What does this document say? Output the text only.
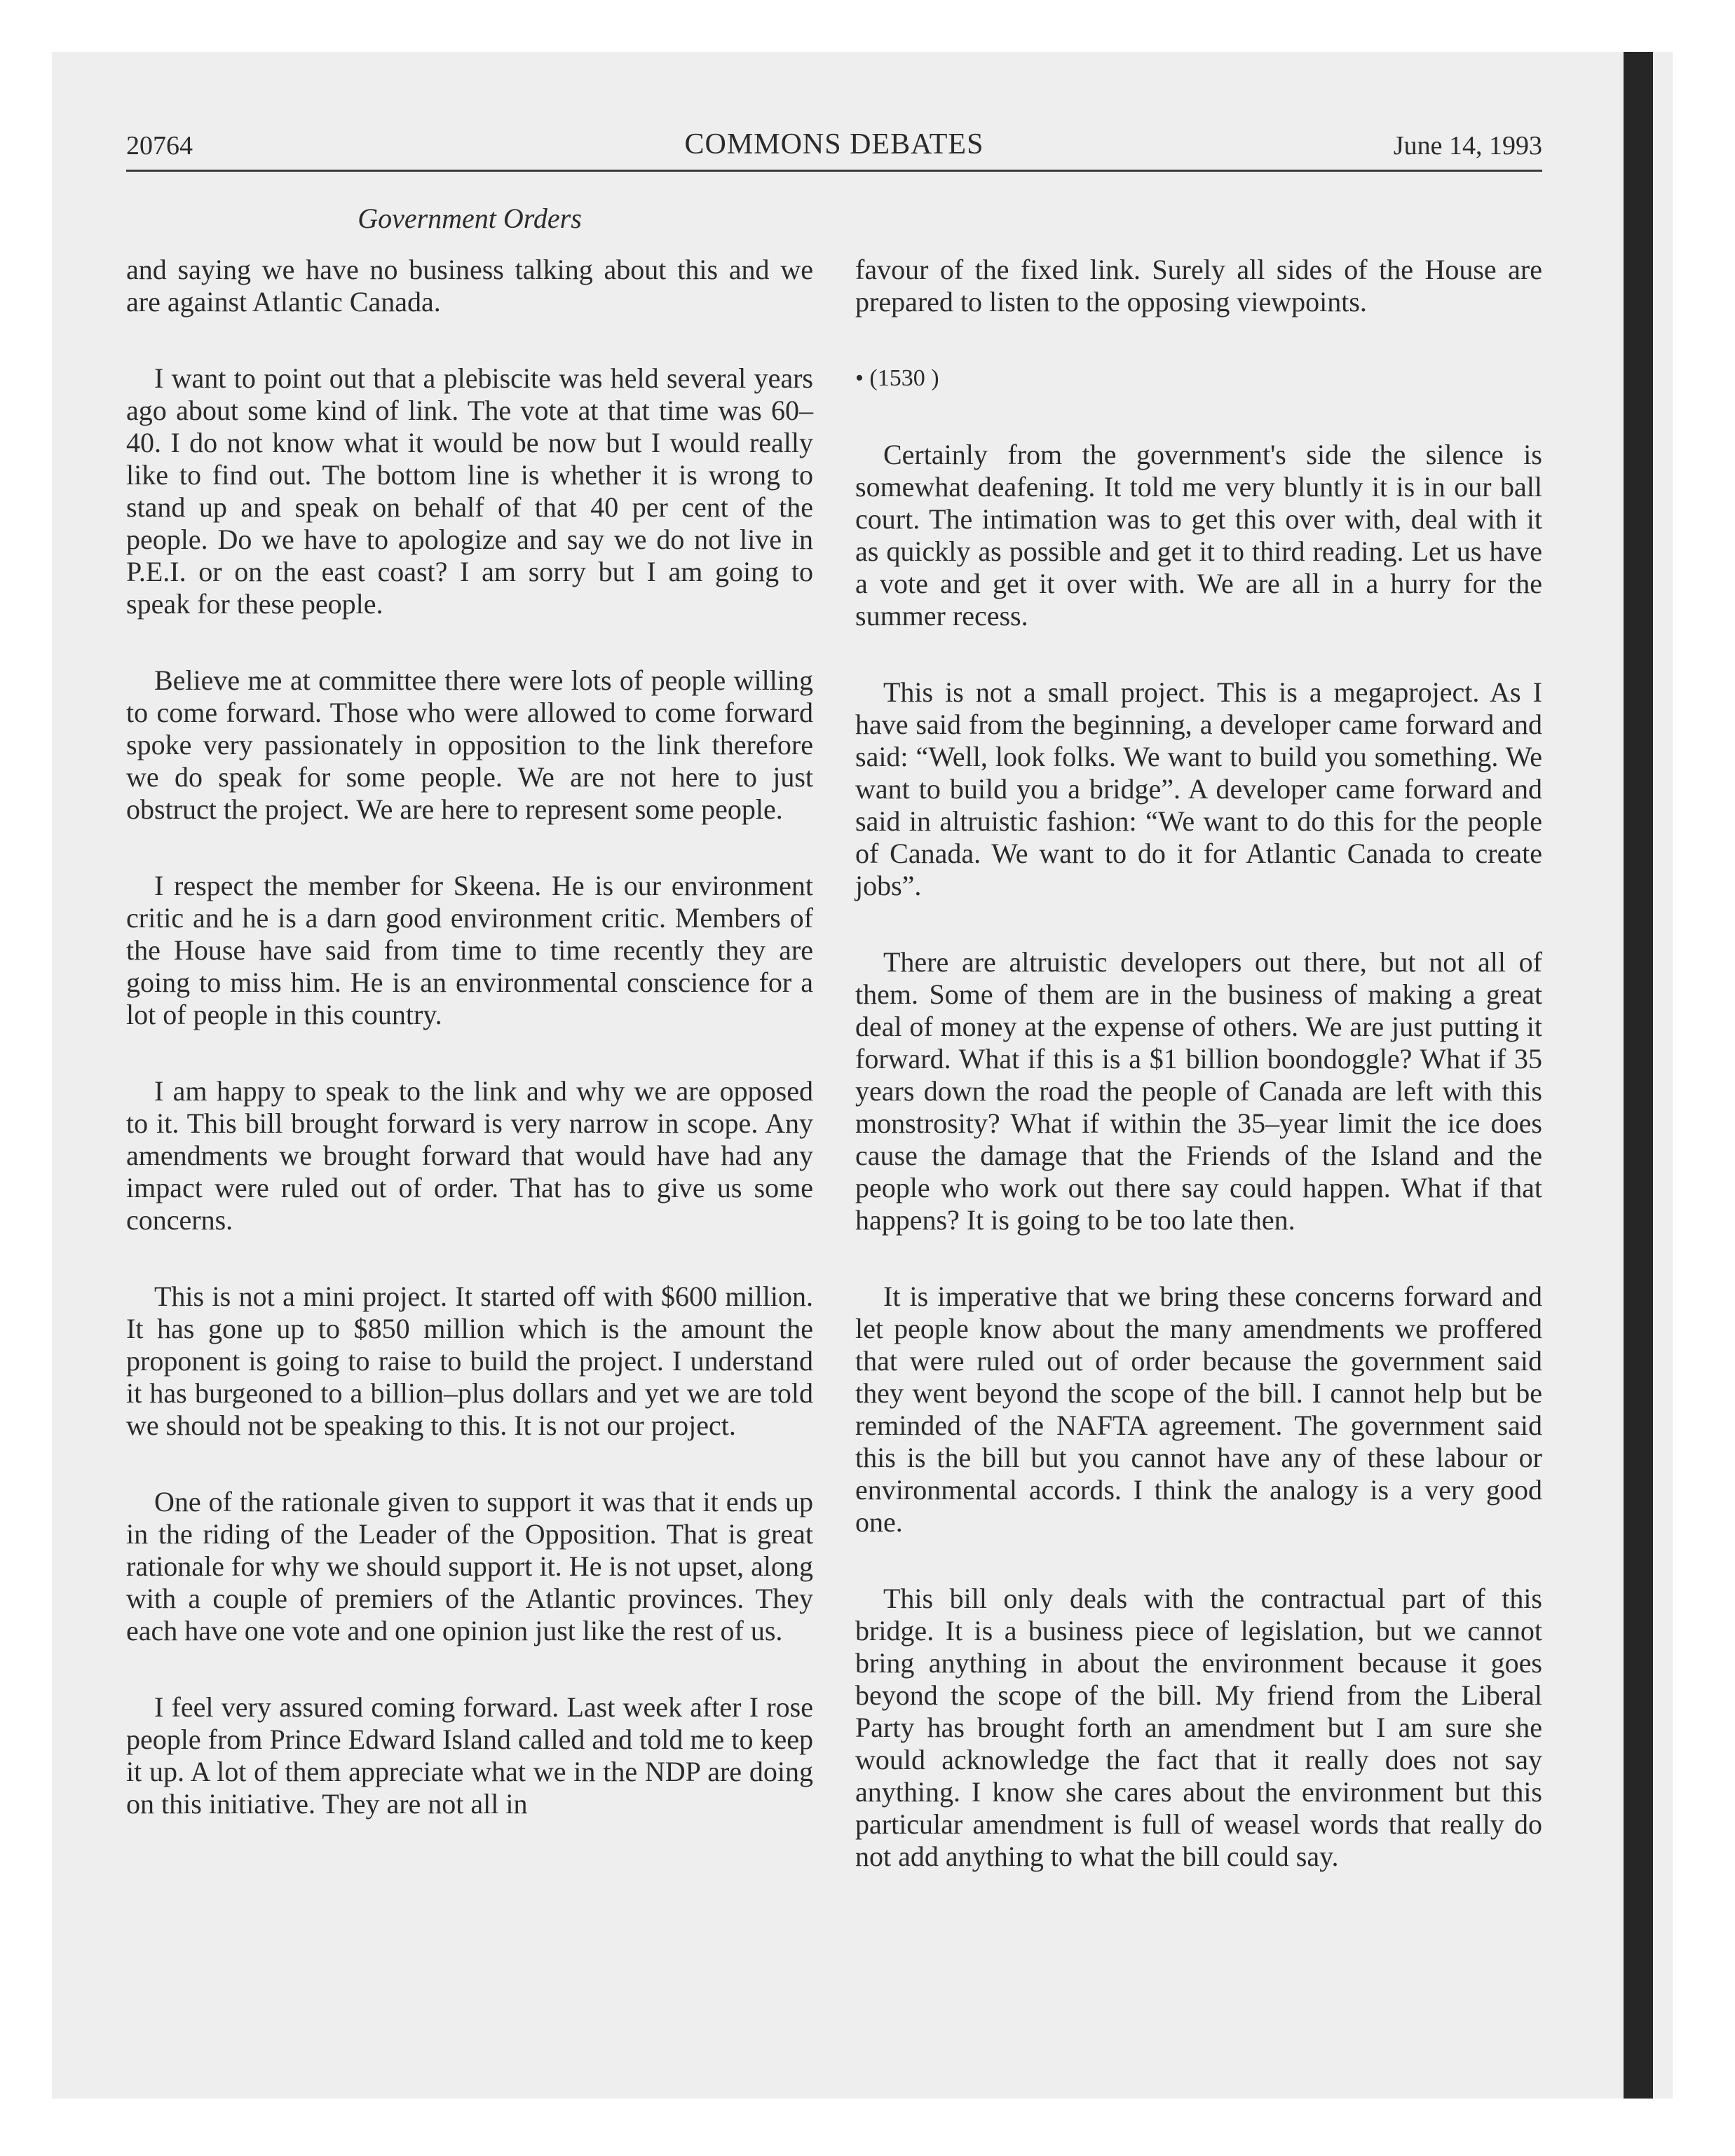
20764	COMMONS DEBATES	June 14, 1993
Government Orders

and saying we have no business talking about this and we are against Atlantic Canada.

I want to point out that a plebiscite was held several years ago about some kind of link. The vote at that time was 60–40. I do not know what it would be now but I would really like to find out. The bottom line is whether it is wrong to stand up and speak on behalf of that 40 per cent of the people. Do we have to apologize and say we do not live in P.E.I. or on the east coast? I am sorry but I am going to speak for these people.

Believe me at committee there were lots of people willing to come forward. Those who were allowed to come forward spoke very passionately in opposition to the link therefore we do speak for some people. We are not here to just obstruct the project. We are here to represent some people.

I respect the member for Skeena. He is our environment critic and he is a darn good environment critic. Members of the House have said from time to time recently they are going to miss him. He is an environmental conscience for a lot of people in this country.

I am happy to speak to the link and why we are opposed to it. This bill brought forward is very narrow in scope. Any amendments we brought forward that would have had any impact were ruled out of order. That has to give us some concerns.

This is not a mini project. It started off with $600 million. It has gone up to $850 million which is the amount the proponent is going to raise to build the project. I understand it has burgeoned to a billion–plus dollars and yet we are told we should not be speaking to this. It is not our project.

One of the rationale given to support it was that it ends up in the riding of the Leader of the Opposition. That is great rationale for why we should support it. He is not upset, along with a couple of premiers of the Atlantic provinces. They each have one vote and one opinion just like the rest of us.

I feel very assured coming forward. Last week after I rose people from Prince Edward Island called and told me to keep it up. A lot of them appreciate what we in the NDP are doing on this initiative. They are not all in

favour of the fixed link. Surely all sides of the House are prepared to listen to the opposing viewpoints.

• (1530 )

Certainly from the government's side the silence is somewhat deafening. It told me very bluntly it is in our ball court. The intimation was to get this over with, deal with it as quickly as possible and get it to third reading. Let us have a vote and get it over with. We are all in a hurry for the summer recess.

This is not a small project. This is a megaproject. As I have said from the beginning, a developer came forward and said: “Well, look folks. We want to build you something. We want to build you a bridge”. A developer came forward and said in altruistic fashion: “We want to do this for the people of Canada. We want to do it for Atlantic Canada to create jobs”.

There are altruistic developers out there, but not all of them. Some of them are in the business of making a great deal of money at the expense of others. We are just putting it forward. What if this is a $1 billion boondoggle? What if 35 years down the road the people of Canada are left with this monstrosity? What if within the 35–year limit the ice does cause the damage that the Friends of the Island and the people who work out there say could happen. What if that happens? It is going to be too late then.

It is imperative that we bring these concerns forward and let people know about the many amendments we proffered that were ruled out of order because the government said they went beyond the scope of the bill. I cannot help but be reminded of the NAFTA agreement. The government said this is the bill but you cannot have any of these labour or environmental accords. I think the analogy is a very good one.

This bill only deals with the contractual part of this bridge. It is a business piece of legislation, but we cannot bring anything in about the environment because it goes beyond the scope of the bill. My friend from the Liberal Party has brought forth an amendment but I am sure she would acknowledge the fact that it really does not say anything. I know she cares about the environment but this particular amendment is full of weasel words that really do not add anything to what the bill could say.
